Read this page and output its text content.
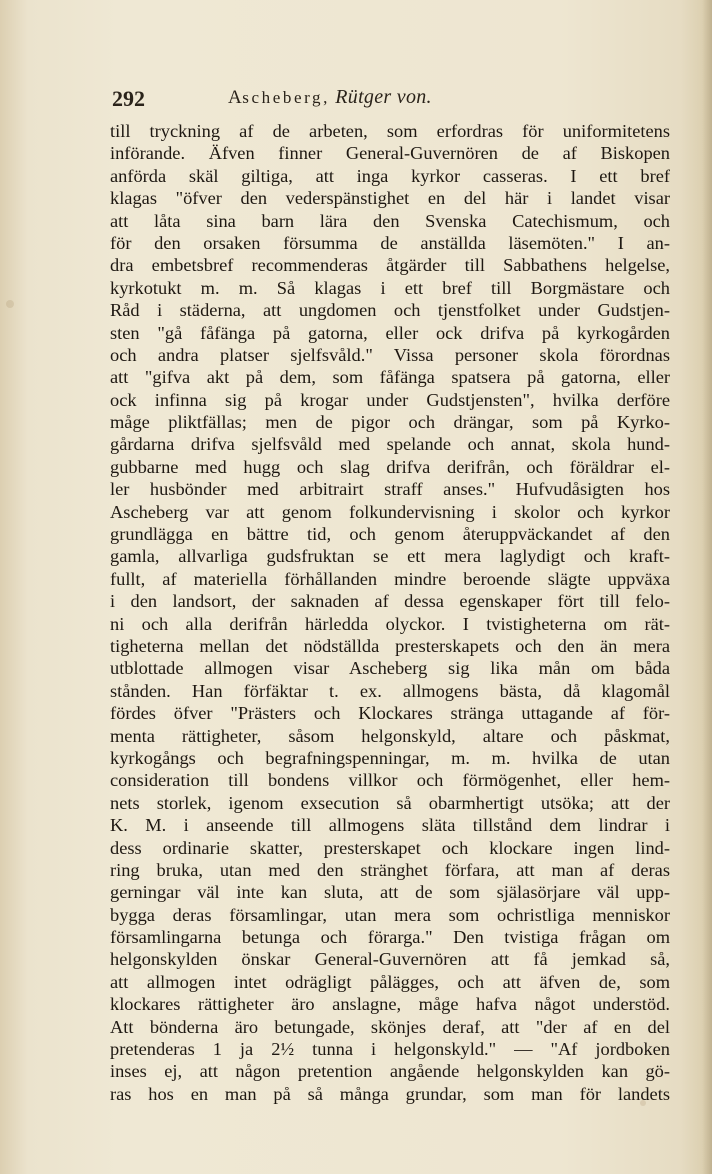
292	Ascheberg, Rütger von.
till tryckning af de arbeten, som erfordras för uniformitetens
införande. Äfven finner General-Guvernören de af Biskopen
anförda skäl giltiga, att inga kyrkor casseras. I ett bref
klagas "öfver den vederspänstighet en del här i landet visar
att låta sina barn lära den Svenska Catechismum, och
för den orsaken försumma de anställda läsemöten." I an-
dra embetsbref recommenderas åtgärder till Sabbathens helgelse,
kyrkotukt m. m. Så klagas i ett bref till Borgmästare och
Råd i städerna, att ungdomen och tjenstfolket under Gudstjen-
sten "gå fåfänga på gatorna, eller ock drifva på kyrkogården
och andra platser sjelfsvåld." Vissa personer skola förordnas
att "gifva akt på dem, som fåfänga spatsera på gatorna, eller
ock infinna sig på krogar under Gudstjensten", hvilka derföre
måge pliktfällas; men de pigor och drängar, som på Kyrko-
gårdarna drifva sjelfsvåld med spelande och annat, skola hund-
gubbarne med hugg och slag drifva derifrån, och föräldrar el-
ler husbönder med arbitrairt straff anses." Hufvudåsigten hos
Ascheberg var att genom folkundervisning i skolor och kyrkor
grundlägga en bättre tid, och genom återuppväckandet af den
gamla, allvarliga gudsfruktan se ett mera laglydigt och kraft-
fullt, af materiella förhållanden mindre beroende slägte uppväxa
i den landsort, der saknaden af dessa egenskaper fört till felo-
ni och alla derifrån härledda olyckor. I tvistigheterna om rät-
tigheterna mellan det nödställda presterskapets och den än mera
utblottade allmogen visar Ascheberg sig lika mån om båda
stånden. Han förfäktar t. ex. allmogens bästa, då klagomål
fördes öfver "Prästers och Klockares stränga uttagande af för-
menta rättigheter, såsom helgonskyld, altare och påskmat,
kyrkogångs och begrafningspenningar, m. m. hvilka de utan
consideration till bondens villkor och förmögenhet, eller hem-
nets storlek, igenom exsecution så obarmhertigt utsöka; att der
K. M. i anseende till allmogens släta tillstånd dem lindrar i
dess ordinarie skatter, presterskapet och klockare ingen lind-
ring bruka, utan med den stränghet förfara, att man af deras
gerningar väl inte kan sluta, att de som själasörjare väl upp-
bygga deras församlingar, utan mera som ochristliga menniskor
församlingarna betunga och förarga." Den tvistiga frågan om
helgonskylden önskar General-Guvernören att få jemkad så,
att allmogen intet odrägligt pålägges, och att äfven de, som
klockares rättigheter äro anslagne, måge hafva något understöd.
Att bönderna äro betungade, skönjes deraf, att "der af en del
pretenderas 1 ja 2½ tunna i helgonskyld." — "Af jordboken
inses ej, att någon pretention angående helgonskylden kan gö-
ras hos en man på så många grundar, som man för landets
